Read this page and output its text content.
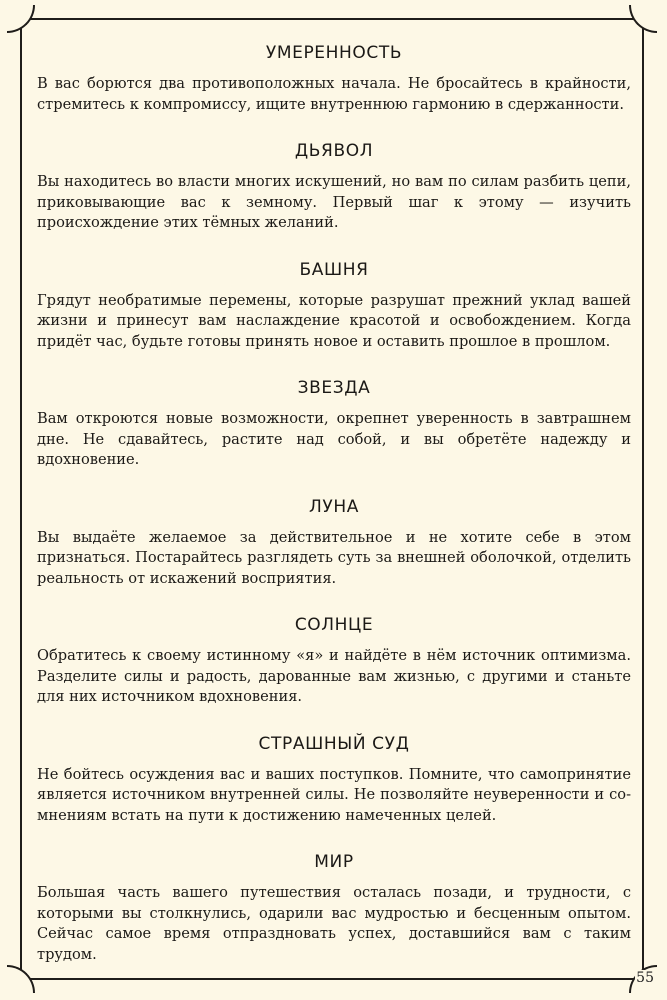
УМЕРЕННОСТЬ

В вас борются два противоположных начала. Не бросайтесь в крайности, стремитесь к компромиссу, ищите внутреннюю гармонию в сдержанности.

ДЬЯВОЛ

Вы находитесь во власти многих искушений, но вам по силам разбить цепи, приковывающие вас к земному. Первый шаг к этому — изучить происхождение этих тёмных желаний.

БАШНЯ

Грядут необратимые перемены, которые разрушат прежний уклад вашей жизни и принесут вам наслаждение красотой и освобождением. Когда придёт час, будьте готовы принять новое и оставить прошлое в прошлом.

ЗВЕЗДА

Вам откроются новые возможности, окрепнет уверенность в завтрашнем дне. Не сдавайтесь, растите над собой, и вы обретёте надежду и вдохновение.

ЛУНА

Вы выдаёте желаемое за действительное и не хотите себе в этом признаться. Постарайтесь разглядеть суть за внешней оболочкой, отделить реальность от искажений восприятия.

СОЛНЦЕ

Обратитесь к своему истинному «я» и найдёте в нём источник оптимизма. Разделите силы и радость, дарованные вам жизнью, с другими и станьте для них источником вдохновения.

СТРАШНЫЙ СУД

Не бойтесь осуждения вас и ваших поступков. Помните, что самопринятие является источником внутренней силы. Не позволяйте неуверенности и сомнениям встать на пути к достижению намеченных целей.

МИР

Большая часть вашего путешествия осталась позади, и трудности, с которыми вы столкнулись, одарили вас мудростью и бесценным опытом. Сейчас самое время отпраздновать успех, доставшийся вам с таким трудом.

55
